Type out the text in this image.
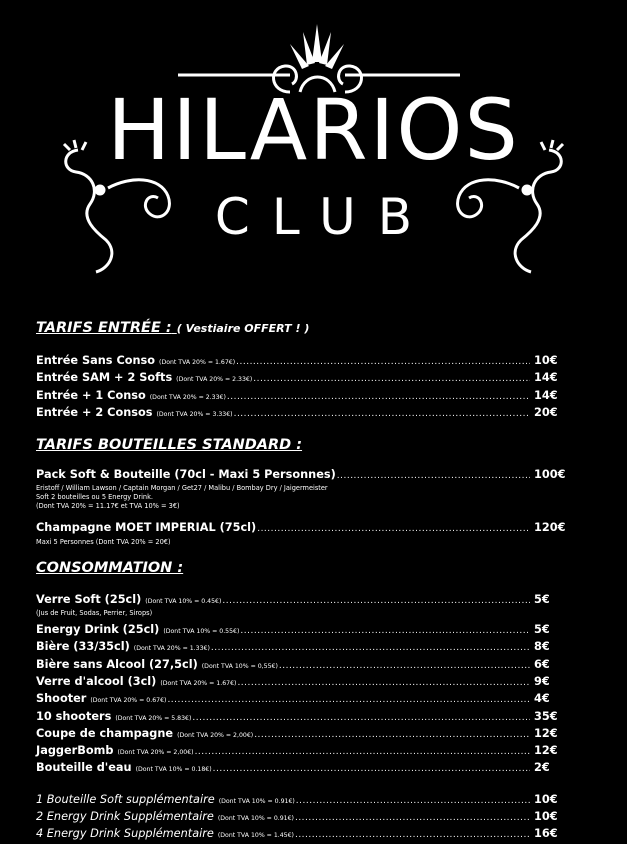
HILARIOS
CLUB
TARIFS ENTRÉE : ( Vestiaire OFFERT ! )
Entrée Sans Conso (Dont TVA 20% = 1.67€) .....	10€
Entrée SAM + 2 Softs (Dont TVA 20% = 2.33€) .....	14€
Entrée + 1 Conso (Dont TVA 20% = 2.33€) .....	14€
Entrée + 2 Consos (Dont TVA 20% = 3.33€) .....	20€
TARIFS BOUTEILLES STANDARD :
Pack Soft & Bouteille (70cl - Maxi 5 Personnes) .....	100€
Eristoff / William Lawson / Captain Morgan / Get27 / Malibu / Bombay Dry / Jaigermeister
Soft 2 bouteilles ou 5 Energy Drink.
(Dont TVA 20% = 11.17€ et TVA 10% = 3€)
Champagne MOET IMPERIAL (75cl) .....	120€
Maxi 5 Personnes (Dont TVA 20% = 20€)
CONSOMMATION :
Verre Soft (25cl) (Dont TVA 10% = 0.45€) .....	5€
(Jus de Fruit, Sodas, Perrier, Sirops)
Energy Drink (25cl) (Dont TVA 10% = 0.55€) .....	5€
Bière (33/35cl) (Dont TVA 20% = 1.33€) .....	8€
Bière sans Alcool (27,5cl) (Dont TVA 10% = 0,55€) .....	6€
Verre d'alcool (3cl) (Dont TVA 20% = 1.67€) .....	9€
Shooter (Dont TVA 20% = 0.67€) .....	4€
10 shooters (Dont TVA 20% = 5.83€) .....	35€
Coupe de champagne (Dont TVA 20% = 2,00€) .....	12€
JaggerBomb (Dont TVA 20% = 2,00€) .....	12€
Bouteille d'eau (Dont TVA 10% = 0.18€) .....	2€
1 Bouteille Soft supplémentaire (Dont TVA 10% = 0.91€) .....	10€
2 Energy Drink Supplémentaire (Dont TVA 10% = 0.91€) .....	10€
4 Energy Drink Supplémentaire (Dont TVA 10% = 1.45€) .....	16€
